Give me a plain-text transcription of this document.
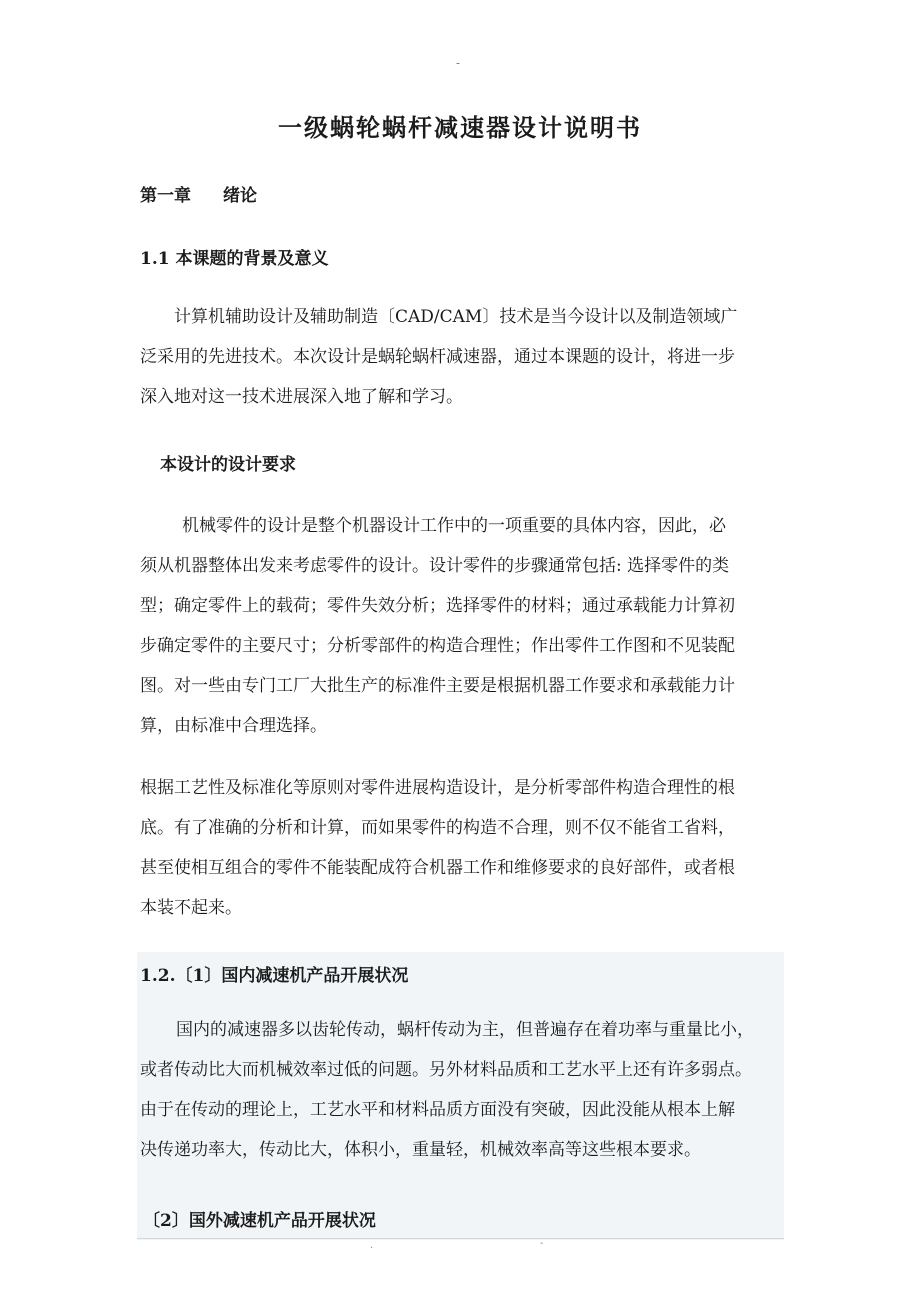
-
一级蜗轮蜗杆减速器设计说明书
第一章 绪论
1.1 本课题的背景及意义
计算机辅助设计及辅助制造〔CAD/CAM〕技术是当今设计以及制造领域广
泛采用的先进技术。本次设计是蜗轮蜗杆减速器，通过本课题的设计，将进一步
深入地对这一技术进展深入地了解和学习。
本设计的设计要求
机械零件的设计是整个机器设计工作中的一项重要的具体内容，因此，必
须从机器整体出发来考虑零件的设计。设计零件的步骤通常包括: 选择零件的类
型；确定零件上的载荷；零件失效分析；选择零件的材料；通过承载能力计算初
步确定零件的主要尺寸；分析零部件的构造合理性；作出零件工作图和不见装配
图。对一些由专门工厂大批生产的标准件主要是根据机器工作要求和承载能力计
算，由标准中合理选择。
根据工艺性及标准化等原则对零件进展构造设计，是分析零部件构造合理性的根
底。有了准确的分析和计算，而如果零件的构造不合理，则不仅不能省工省料，
甚至使相互组合的零件不能装配成符合机器工作和维修要求的良好部件，或者根
本装不起来。
1.2.〔1〕国内减速机产品开展状况
国内的减速器多以齿轮传动，蜗杆传动为主，但普遍存在着功率与重量比小，
或者传动比大而机械效率过低的问题。另外材料品质和工艺水平上还有许多弱点。
由于在传动的理论上，工艺水平和材料品质方面没有突破，因此没能从根本上解
决传递功率大，传动比大，体积小，重量轻，机械效率高等这些根本要求。
〔2〕国外减速机产品开展状况
.	-
